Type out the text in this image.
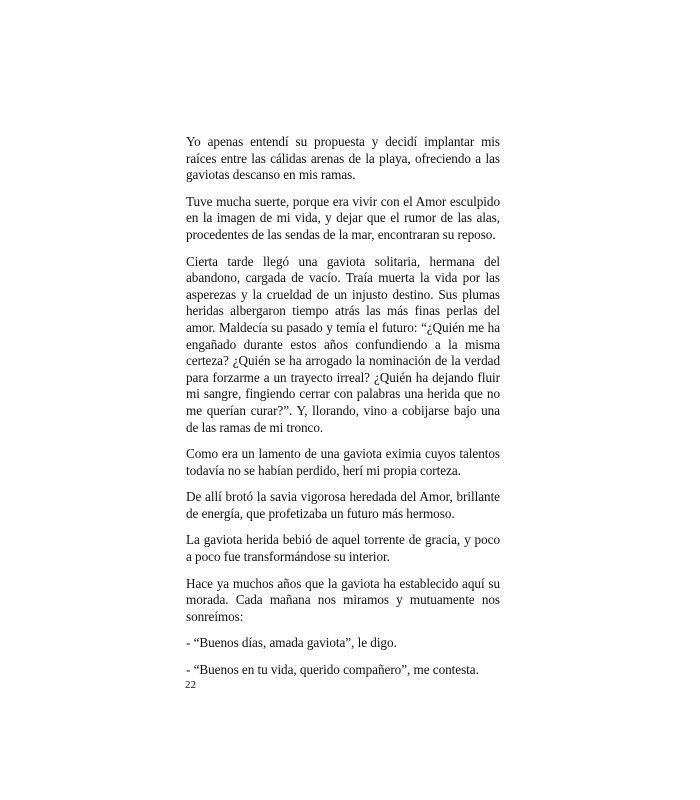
Yo apenas entendí su propuesta y decidí implantar mis raíces entre las cálidas arenas de la playa, ofreciendo a las gaviotas descanso en mis ramas.

Tuve mucha suerte, porque era vivir con el Amor esculpido en la imagen de mi vida, y dejar que el rumor de las alas, procedentes de las sendas de la mar, encontraran su reposo.

Cierta tarde llegó una gaviota solitaria, hermana del abandono, cargada de vacío. Traía muerta la vida por las asperezas y la crueldad de un injusto destino. Sus plumas heridas albergaron tiempo atrás las más finas perlas del amor. Maldecía su pasado y temía el futuro: “¿Quién me ha engañado durante estos años confundiendo a la misma certeza? ¿Quién se ha arrogado la nominación de la verdad para forzarme a un trayecto irreal? ¿Quién ha dejando fluir mi sangre, fingiendo cerrar con palabras una herida que no me querían curar?”. Y, llorando, vino a cobijarse bajo una de las ramas de mi tronco.

Como era un lamento de una gaviota eximia cuyos talentos todavía no se habían perdido, herí mi propia corteza.

De allí brotó la savia vigorosa heredada del Amor, brillante de energía, que profetizaba un futuro más hermoso.

La gaviota herida bebió de aquel torrente de gracia, y poco a poco fue transformándose su interior.

Hace ya muchos años que la gaviota ha establecido aquí su morada. Cada mañana nos miramos y mutuamente nos sonreímos:

- “Buenos días, amada gaviota”, le digo.

- “Buenos en tu vida, querido compañero”, me contesta.

22
